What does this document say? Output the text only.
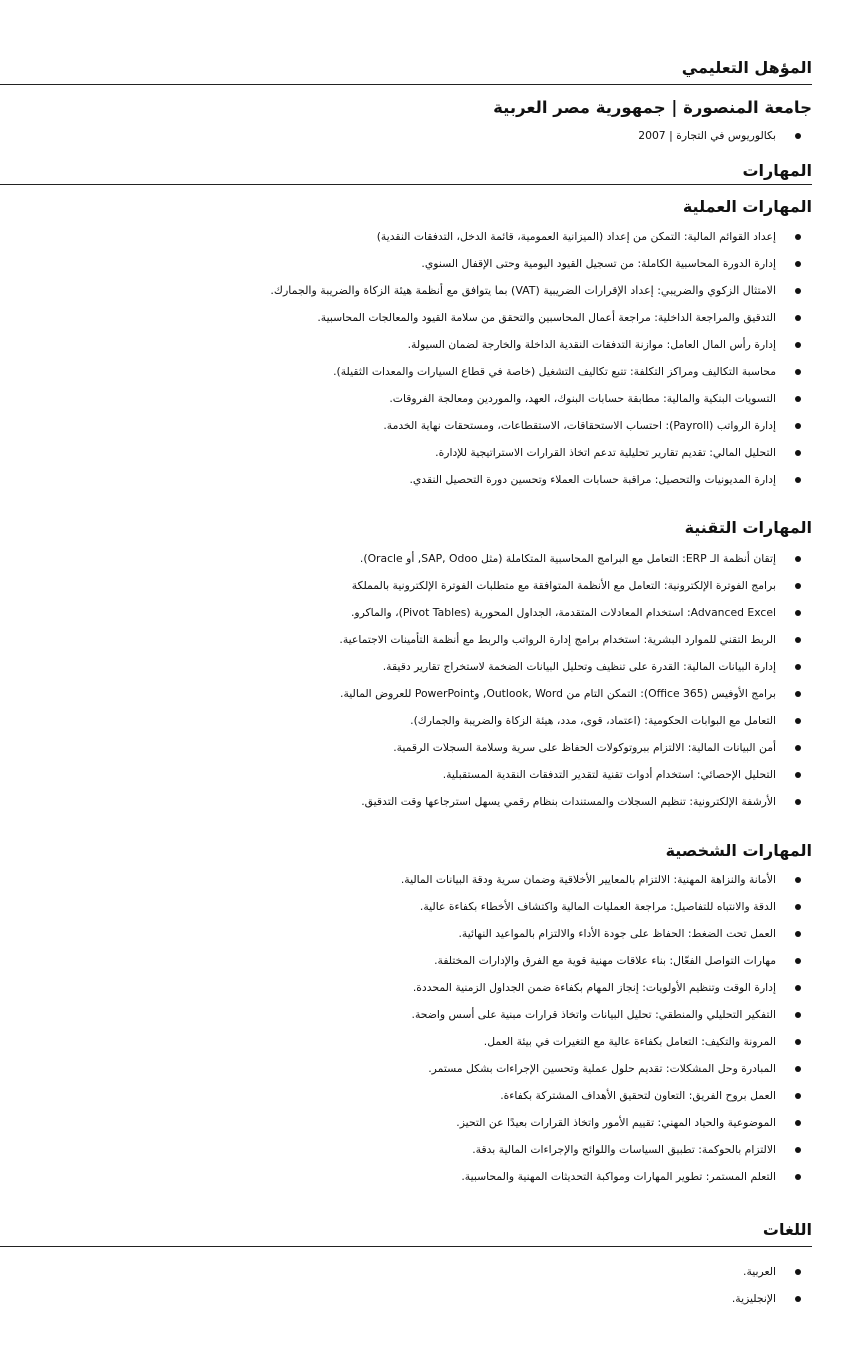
المؤهل التعليمي
جامعة المنصورة | جمهورية مصر العربية
بكالوريوس في التجارة | 2007
المهارات
المهارات العملية
إعداد القوائم المالية: التمكن من إعداد (الميزانية العمومية، قائمة الدخل، التدفقات النقدية)
إدارة الدورة المحاسبية الكاملة: من تسجيل القيود اليومية وحتى الإقفال السنوي.
الامتثال الزكوي والضريبي: إعداد الإقرارات الضريبية (VAT) بما يتوافق مع أنظمة هيئة الزكاة والضريبة والجمارك.
التدقيق والمراجعة الداخلية: مراجعة أعمال المحاسبين والتحقق من سلامة القيود والمعالجات المحاسبية.
إدارة رأس المال العامل: موازنة التدفقات النقدية الداخلة والخارجة لضمان السيولة.
محاسبة التكاليف ومراكز التكلفة: تتبع تكاليف التشغيل (خاصة في قطاع السيارات والمعدات الثقيلة).
التسويات البنكية والمالية: مطابقة حسابات البنوك، العهد، والموردين ومعالجة الفروقات.
إدارة الرواتب (Payroll): احتساب الاستحقاقات، الاستقطاعات، ومستحقات نهاية الخدمة.
التحليل المالي: تقديم تقارير تحليلية تدعم اتخاذ القرارات الاستراتيجية للإدارة.
إدارة المديونيات والتحصيل: مراقبة حسابات العملاء وتحسين دورة التحصيل النقدي.
المهارات التقنية
إتقان أنظمة الـ ERP: التعامل مع البرامج المحاسبية المتكاملة (مثل SAP, Odoo, أو Oracle).
برامج الفوترة الإلكترونية: التعامل مع الأنظمة المتوافقة مع متطلبات الفوترة الإلكترونية بالمملكة
Advanced Excel: استخدام المعادلات المتقدمة، الجداول المحورية (Pivot Tables)، والماكرو.
الربط التقني للموارد البشرية: استخدام برامج إدارة الرواتب والربط مع أنظمة التأمينات الاجتماعية.
إدارة البيانات المالية: القدرة على تنظيف وتحليل البيانات الضخمة لاستخراج تقارير دقيقة.
برامج الأوفيس (Office 365): التمكن التام من Outlook, Word, وPowerPoint للعروض المالية.
التعامل مع البوابات الحكومية: (اعتماد، قوى، مدد، هيئة الزكاة والضريبة والجمارك).
أمن البيانات المالية: الالتزام ببروتوكولات الحفاظ على سرية وسلامة السجلات الرقمية.
التحليل الإحصائي: استخدام أدوات تقنية لتقدير التدفقات النقدية المستقبلية.
الأرشفة الإلكترونية: تنظيم السجلات والمستندات بنظام رقمي يسهل استرجاعها وقت التدقيق.
المهارات الشخصية
الأمانة والنزاهة المهنية: الالتزام بالمعايير الأخلاقية وضمان سرية ودقة البيانات المالية.
الدقة والانتباه للتفاصيل: مراجعة العمليات المالية واكتشاف الأخطاء بكفاءة عالية.
العمل تحت الضغط: الحفاظ على جودة الأداء والالتزام بالمواعيد النهائية.
مهارات التواصل الفعّال: بناء علاقات مهنية قوية مع الفرق والإدارات المختلفة.
إدارة الوقت وتنظيم الأولويات: إنجاز المهام بكفاءة ضمن الجداول الزمنية المحددة.
التفكير التحليلي والمنطقي: تحليل البيانات واتخاذ قرارات مبنية على أسس واضحة.
المرونة والتكيف: التعامل بكفاءة عالية مع التغيرات في بيئة العمل.
المبادرة وحل المشكلات: تقديم حلول عملية وتحسين الإجراءات بشكل مستمر.
العمل بروح الفريق: التعاون لتحقيق الأهداف المشتركة بكفاءة.
الموضوعية والحياد المهني: تقييم الأمور واتخاذ القرارات بعيدًا عن التحيز.
الالتزام بالحوكمة: تطبيق السياسات واللوائح والإجراءات المالية بدقة.
التعلم المستمر: تطوير المهارات ومواكبة التحديثات المهنية والمحاسبية.
اللغات
العربية.
الإنجليزية.
